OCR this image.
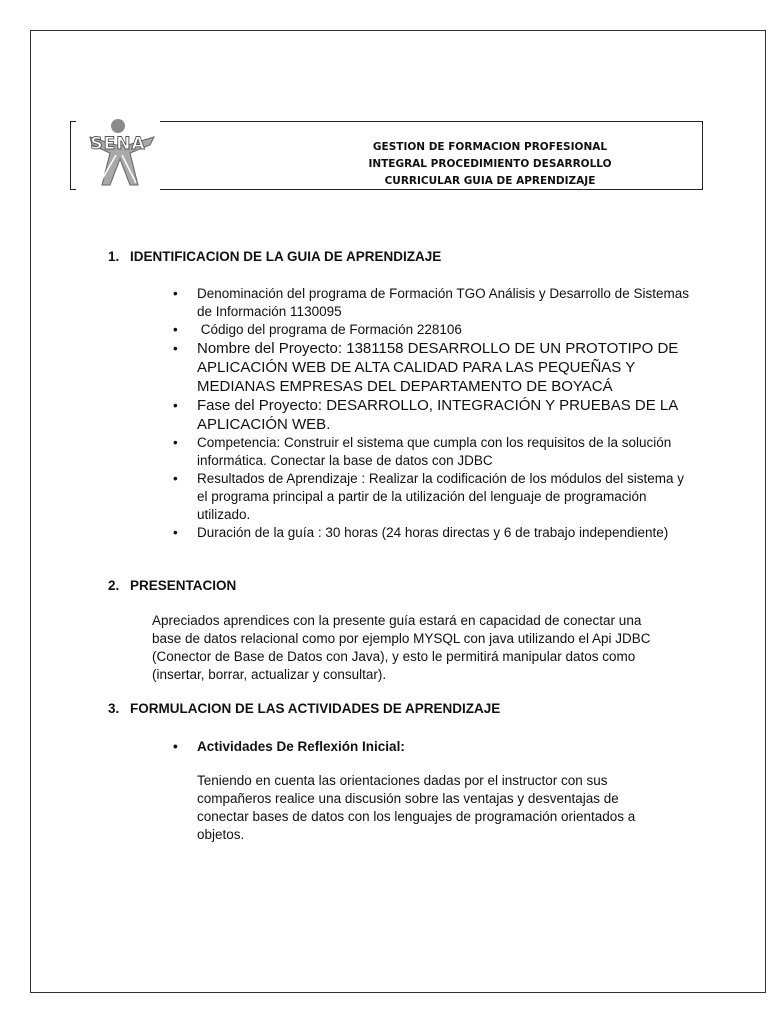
SENA	GESTION DE FORMACION PROFESIONAL
INTEGRAL PROCEDIMIENTO DESARROLLO
CURRICULAR GUIA DE APRENDIZAJE
1. IDENTIFICACION DE LA GUIA DE APRENDIZAJE
• Denominación del programa de Formación TGO Análisis y Desarrollo de Sistemas de Información 1130095
•  Código del programa de Formación 228106
• Nombre del Proyecto: 1381158 DESARROLLO DE UN PROTOTIPO DE APLICACIÓN WEB DE ALTA CALIDAD PARA LAS PEQUEÑAS Y MEDIANAS EMPRESAS DEL DEPARTAMENTO DE BOYACÁ
• Fase del Proyecto: DESARROLLO, INTEGRACIÓN Y PRUEBAS DE LA APLICACIÓN WEB.
• Competencia: Construir el sistema que cumpla con los requisitos de la solución informática. Conectar la base de datos con JDBC
• Resultados de Aprendizaje : Realizar la codificación de los módulos del sistema y el programa principal a partir de la utilización del lenguaje de programación utilizado.
• Duración de la guía : 30 horas (24 horas directas y 6 de trabajo independiente)
2. PRESENTACION

Apreciados aprendices con la presente guía estará en capacidad de conectar una base de datos relacional como por ejemplo MYSQL con java utilizando el Api JDBC (Conector de Base de Datos con Java), y esto le permitirá manipular datos como (insertar, borrar, actualizar y consultar).

3. FORMULACION DE LAS ACTIVIDADES DE APRENDIZAJE

• Actividades De Reflexión Inicial:

Teniendo en cuenta las orientaciones dadas por el instructor con sus compañeros realice una discusión sobre las ventajas y desventajas de conectar bases de datos con los lenguajes de programación orientados a objetos.
